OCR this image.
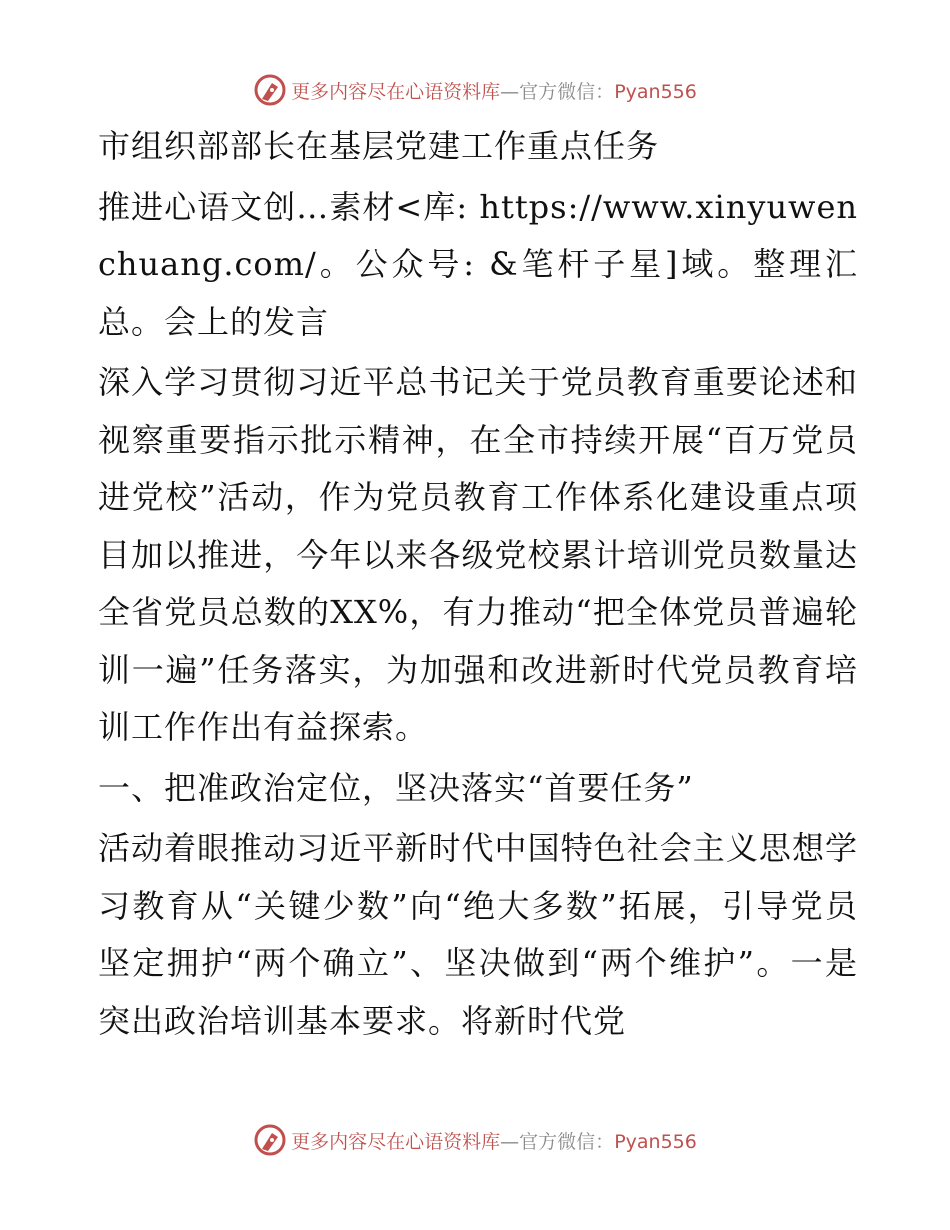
更多内容尽在心语资料库—官方微信：Pyan556

市组织部部长在基层党建工作重点任务

推进心语文创…素材<库: https://www.xinyuwenchuang.com/。公众号: &笔杆子星]域。整理汇总。会上的发言

深入学习贯彻习近平总书记关于党员教育重要论述和视察重要指示批示精神，在全市持续开展“百万党员进党校”活动，作为党员教育工作体系化建设重点项目加以推进，今年以来各级党校累计培训党员数量达全省党员总数的XX%，有力推动“把全体党员普遍轮训一遍”任务落实，为加强和改进新时代党员教育培训工作作出有益探索。

一、把准政治定位，坚决落实“首要任务”

活动着眼推动习近平新时代中国特色社会主义思想学习教育从“关键少数”向“绝大多数”拓展，引导党员坚定拥护“两个确立”、坚决做到“两个维护”。一是突出政治培训基本要求。将新时代党

更多内容尽在心语资料库—官方微信：Pyan556
